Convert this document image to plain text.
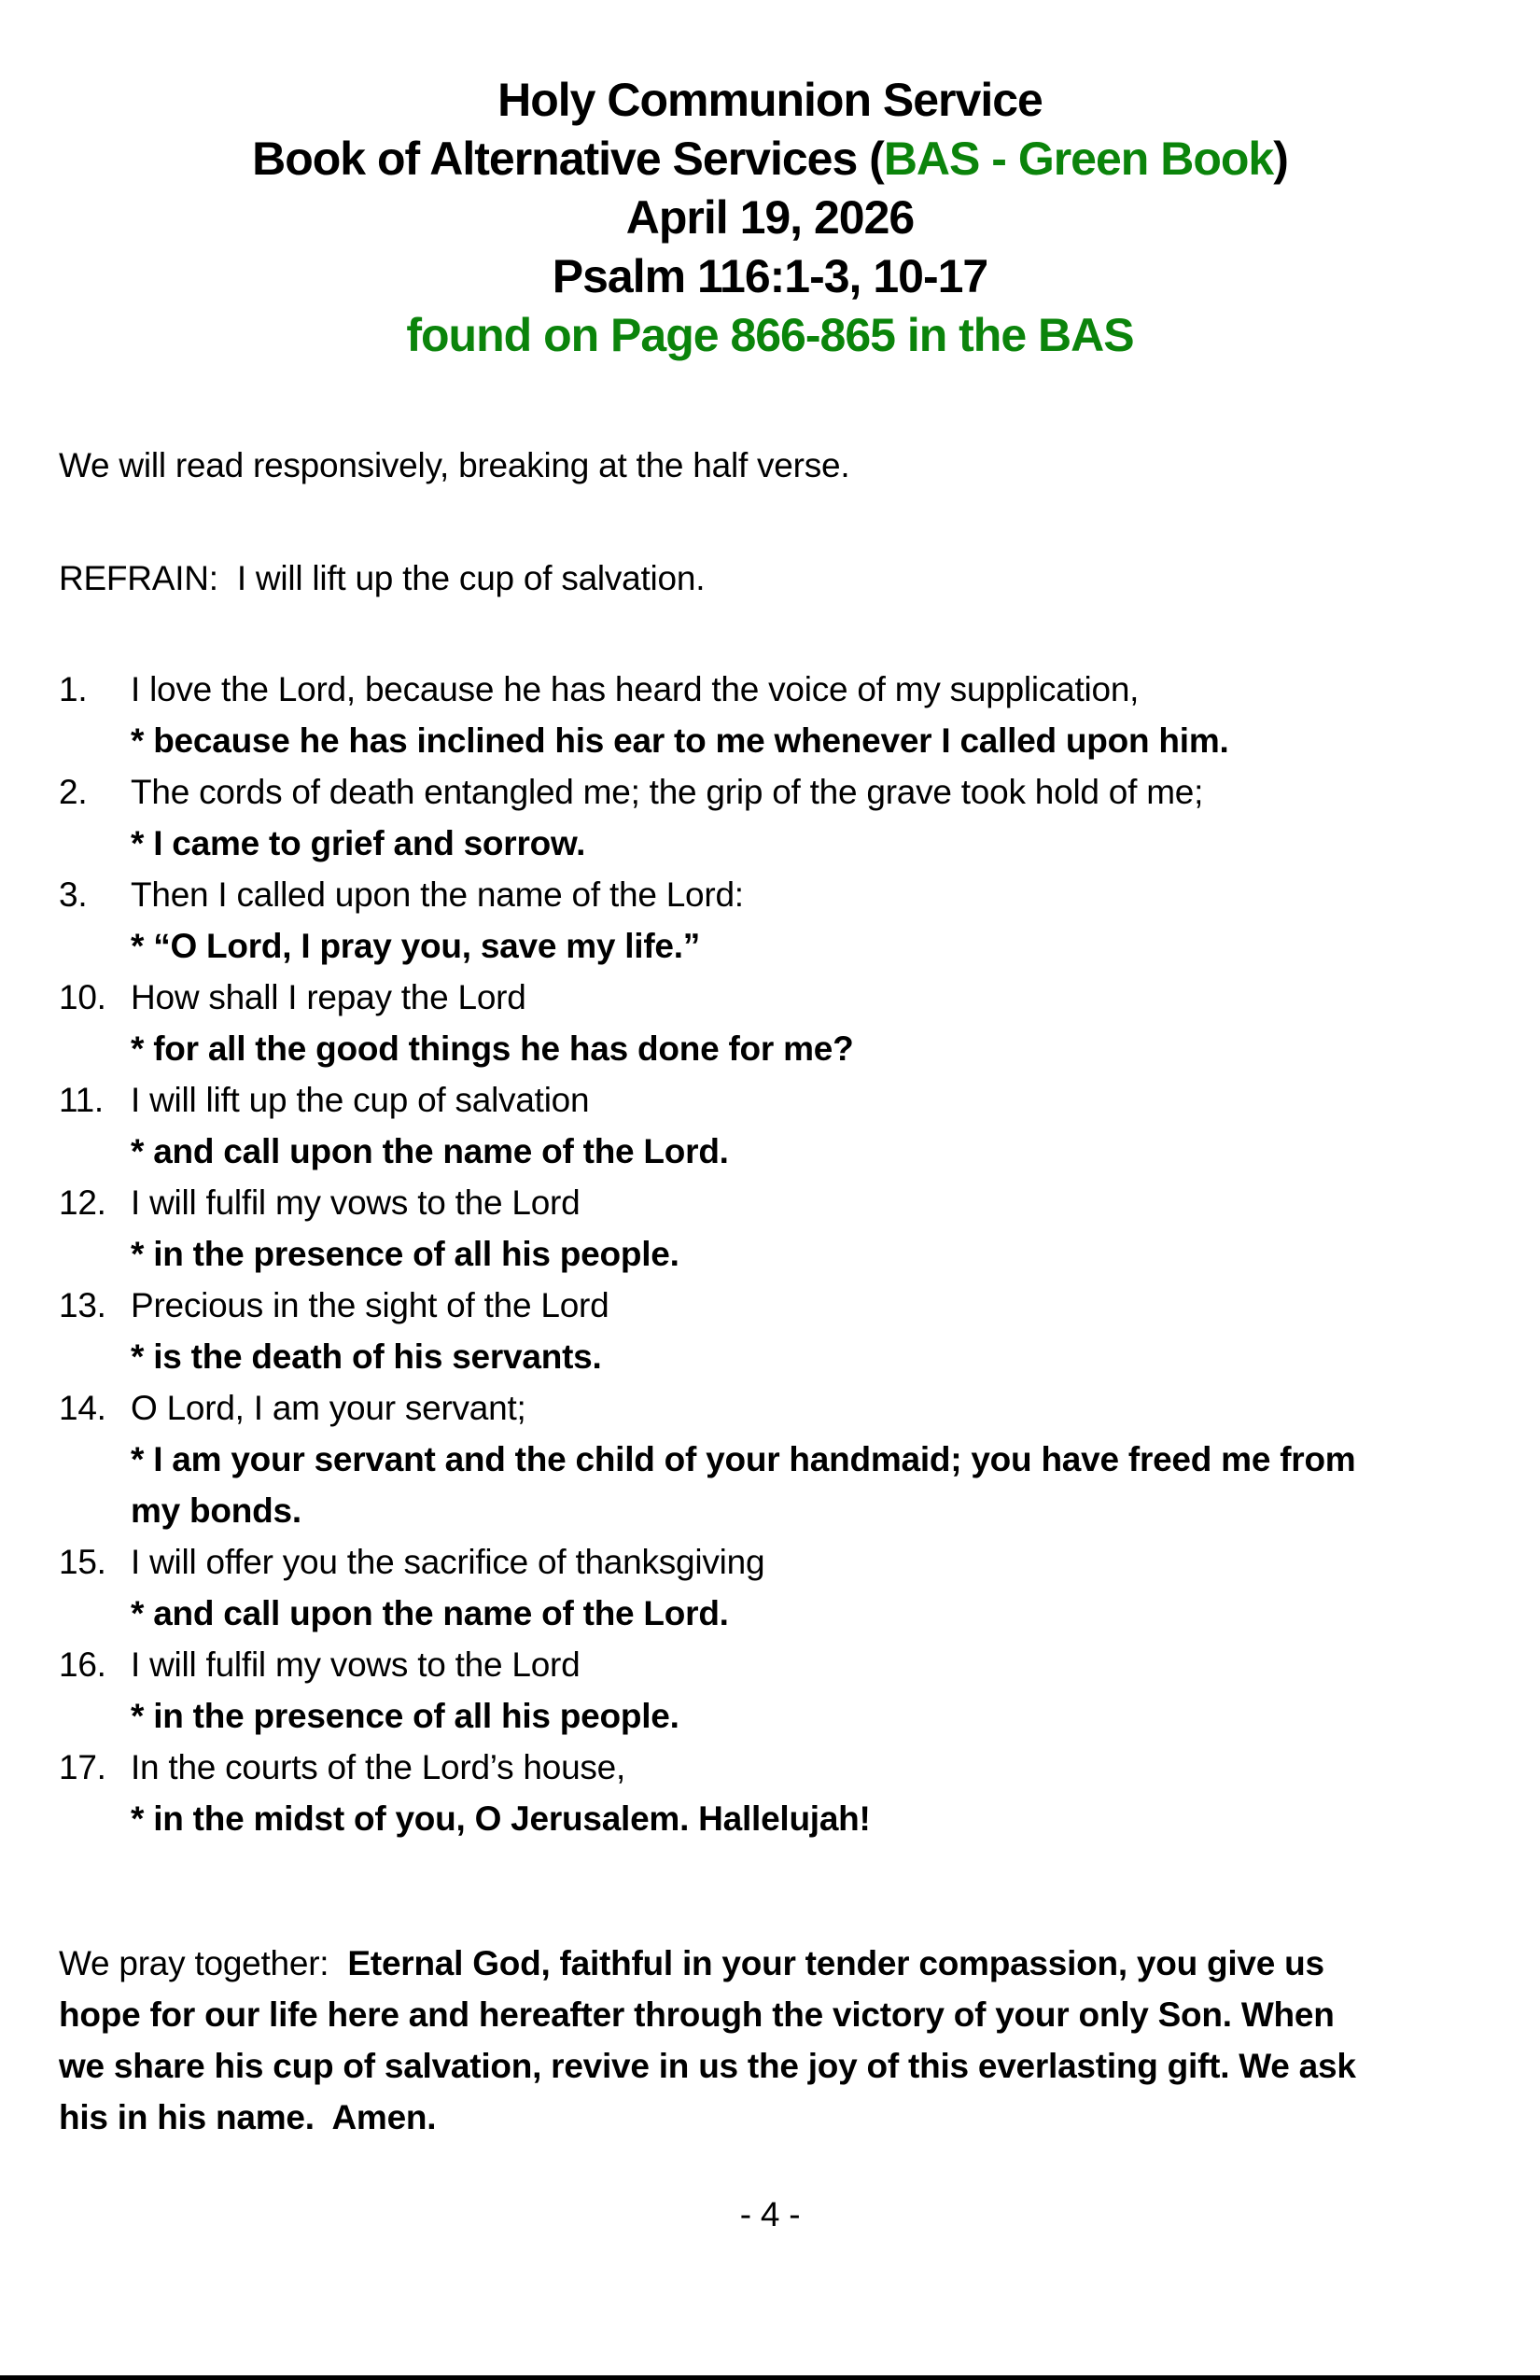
Holy Communion Service
Book of Alternative Services (BAS - Green Book)
April 19, 2026
Psalm 116:1-3, 10-17
found on Page 866-865 in the BAS

We will read responsively, breaking at the half verse.

REFRAIN:  I will lift up the cup of salvation.

1.	I love the Lord, because he has heard the voice of my supplication,
* because he has inclined his ear to me whenever I called upon him.
2.	The cords of death entangled me; the grip of the grave took hold of me;
* I came to grief and sorrow.
3.	Then I called upon the name of the Lord:
* “O Lord, I pray you, save my life.”
10. How shall I repay the Lord
* for all the good things he has done for me?
11. I will lift up the cup of salvation
* and call upon the name of the Lord.
12. I will fulfil my vows to the Lord
* in the presence of all his people.
13. Precious in the sight of the Lord
* is the death of his servants.
14. O Lord, I am your servant;
* I am your servant and the child of your handmaid; you have freed me from my bonds.
15. I will offer you the sacrifice of thanksgiving
* and call upon the name of the Lord.
16. I will fulfil my vows to the Lord
* in the presence of all his people.
17. In the courts of the Lord’s house,
* in the midst of you, O Jerusalem. Hallelujah!

We pray together:  Eternal God, faithful in your tender compassion, you give us hope for our life here and hereafter through the victory of your only Son. When we share his cup of salvation, revive in us the joy of this everlasting gift. We ask his in his name.  Amen.

- 4 -
